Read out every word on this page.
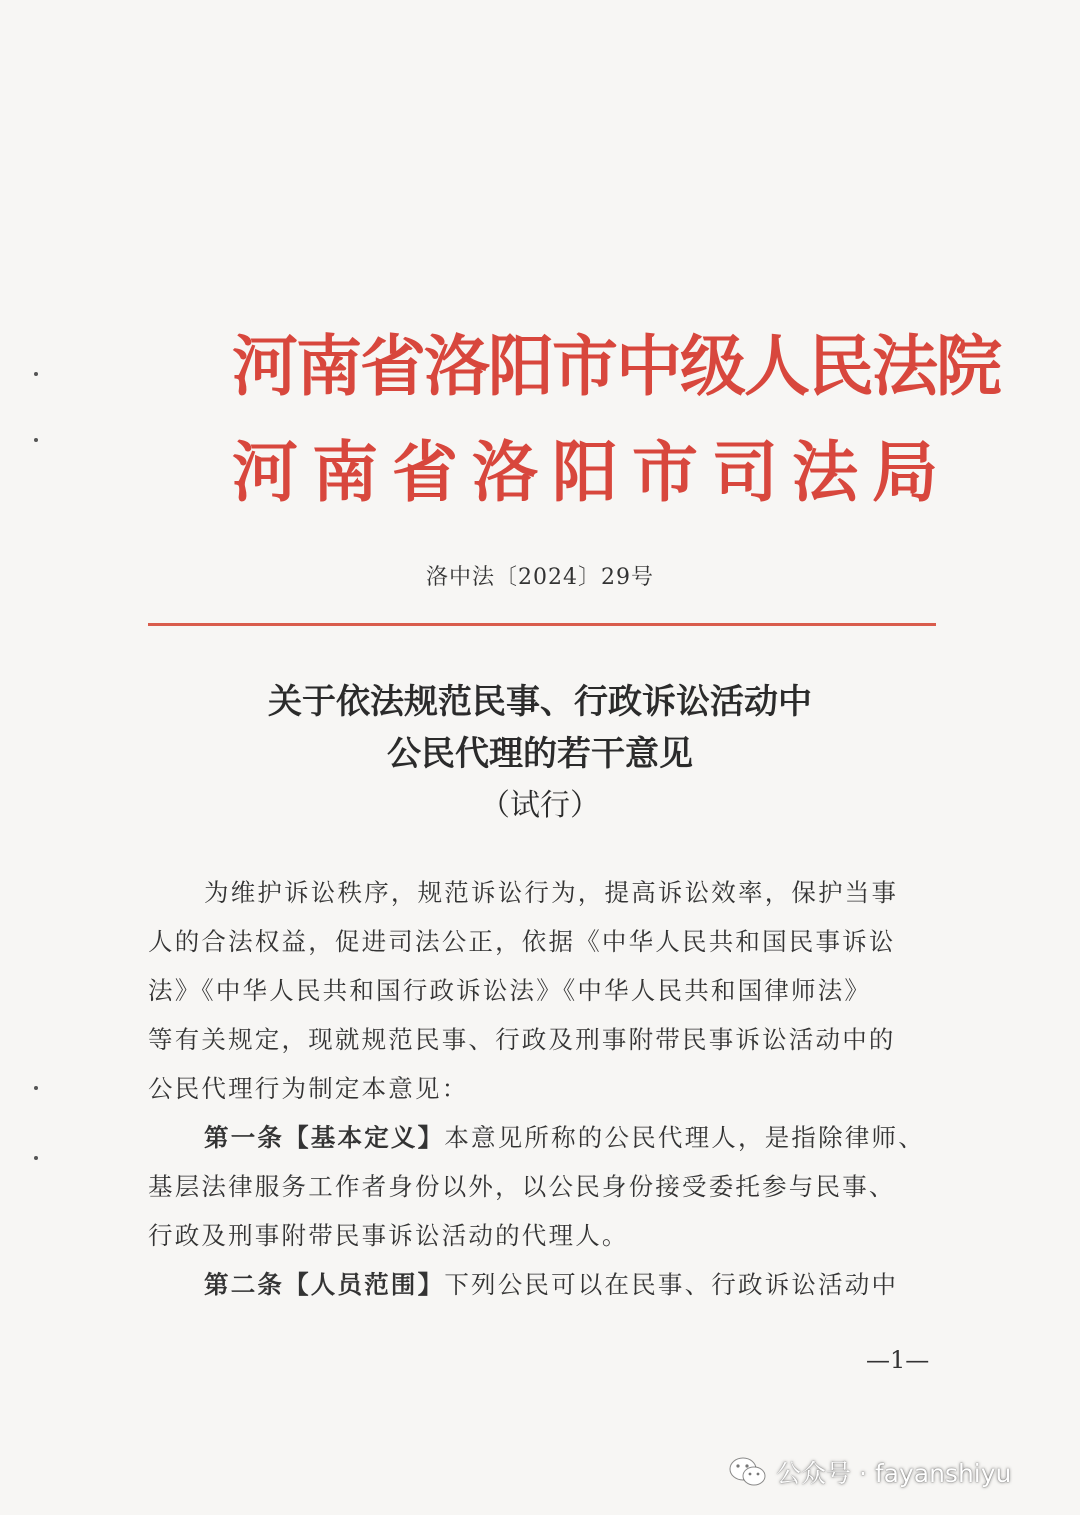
河南省洛阳市中级人民法院
河南省洛阳市司法局
洛中法〔2024〕29号
关于依法规范民事、行政诉讼活动中
公民代理的若干意见
（试行）
为维护诉讼秩序，规范诉讼行为，提高诉讼效率，保护当事
人的合法权益，促进司法公正，依据《中华人民共和国民事诉讼
法》《中华人民共和国行政诉讼法》《中华人民共和国律师法》
等有关规定，现就规范民事、行政及刑事附带民事诉讼活动中的
公民代理行为制定本意见：
第一条【基本定义】本意见所称的公民代理人，是指除律师、
基层法律服务工作者身份以外，以公民身份接受委托参与民事、
行政及刑事附带民事诉讼活动的代理人。
第二条【人员范围】下列公民可以在民事、行政诉讼活动中
—1—
公众号 · fayanshiyu
